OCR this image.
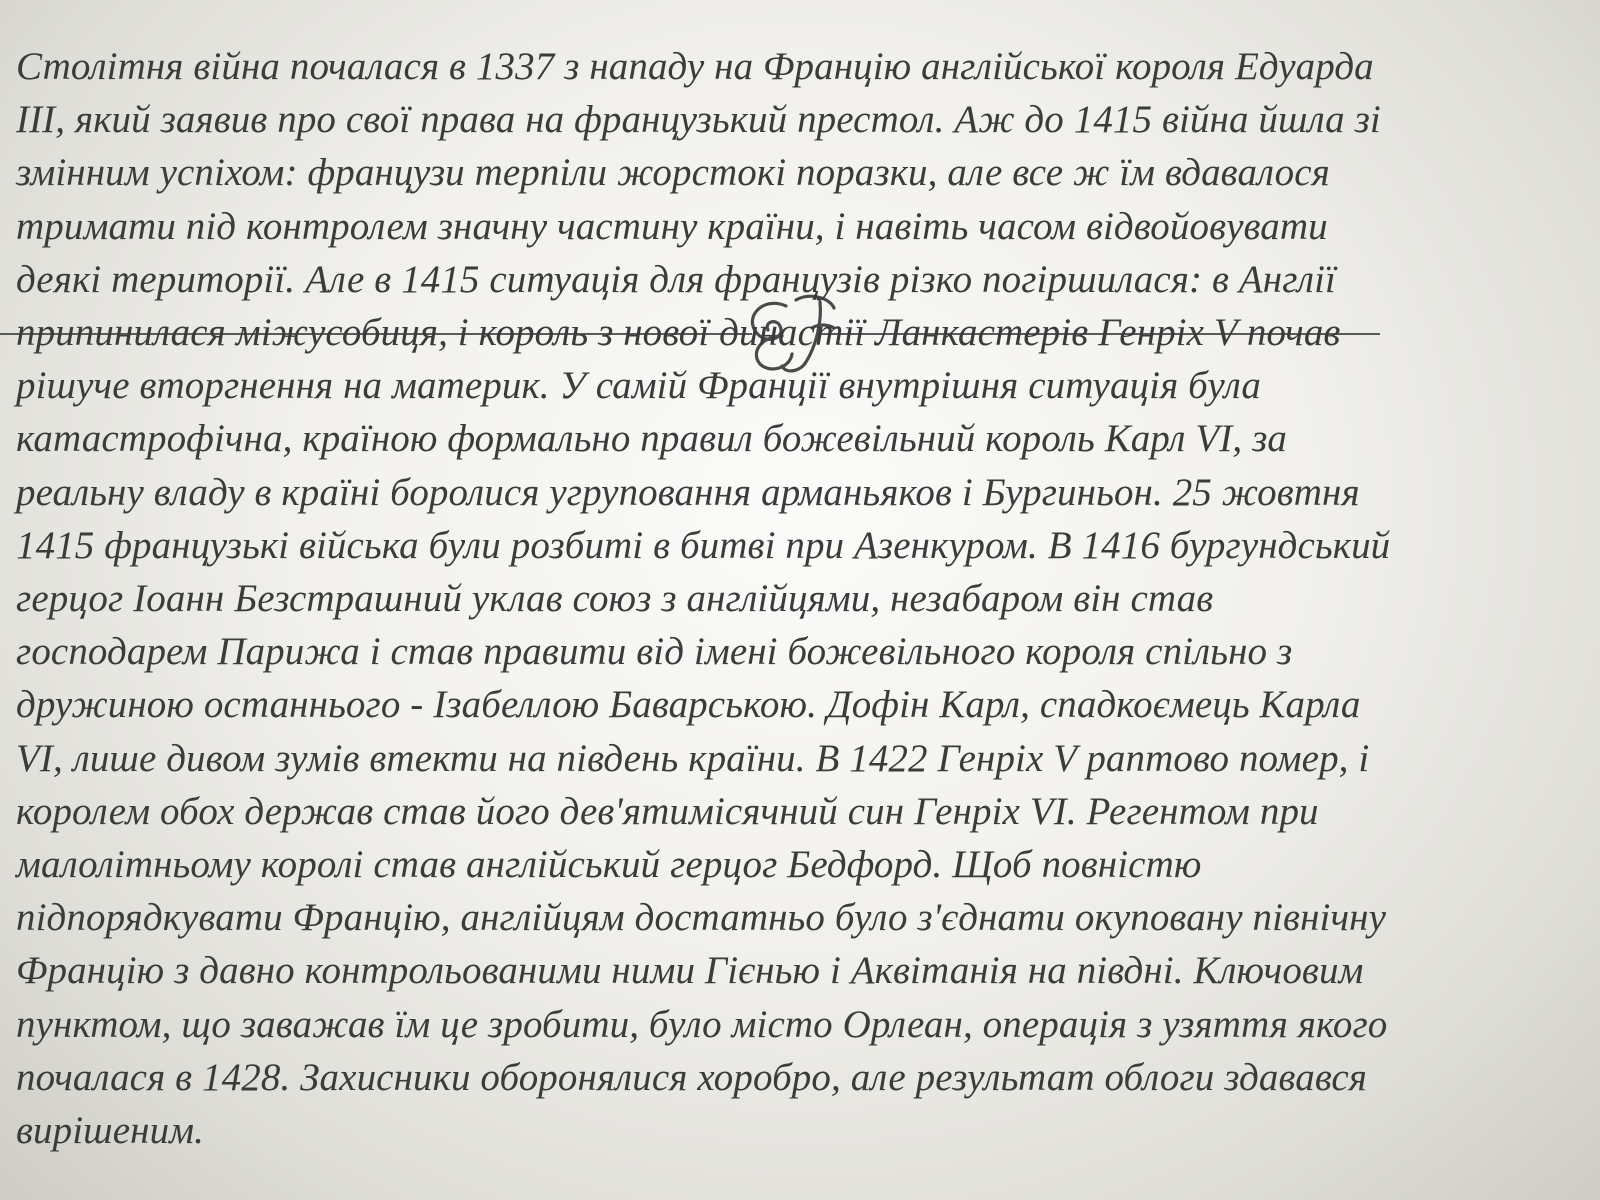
Столітня війна почалася в 1337 з нападу на Францію англійської короля Едуарда
III, який заявив про свої права на французький престол. Аж до 1415 війна йшла зі
змінним успіхом: французи терпіли жорстокі поразки, але все ж їм вдавалося
тримати під контролем значну частину країни, і навіть часом відвойовувати
деякі території. Але в 1415 ситуація для французів різко погіршилася: в Англії
припинилася міжусобиця, і король з нової династії Ланкастерів Генріх V почав
рішуче вторгнення на материк. У самій Франції внутрішня ситуація була
катастрофічна, країною формально правил божевільний король Карл VI, за
реальну владу в країні боролися угруповання арманьяков і Бургиньон. 25 жовтня
1415 французькі війська були розбиті в битві при Азенкуром. В 1416 бургундський
герцог Іоанн Безстрашний уклав союз з англійцями, незабаром він став
господарем Парижа і став правити від імені божевільного короля спільно з
дружиною останнього - Ізабеллою Баварською. Дофін Карл, спадкоємець Карла
VI, лише дивом зумів втекти на південь країни. В 1422 Генріх V раптово помер, і
королем обох держав став його дев'ятимісячний син Генріх VI. Регентом при
малолітньому королі став англійський герцог Бедфорд. Щоб повністю
підпорядкувати Францію, англійцям достатньо було з'єднати окуповану північну
Францію з давно контрольованими ними Гієнью і Аквітанія на півдні. Ключовим
пунктом, що заважав їм це зробити, було місто Орлеан, операція з узяття якого
почалася в 1428. Захисники оборонялися хоробро, але результат облоги здавався
вирішеним.
